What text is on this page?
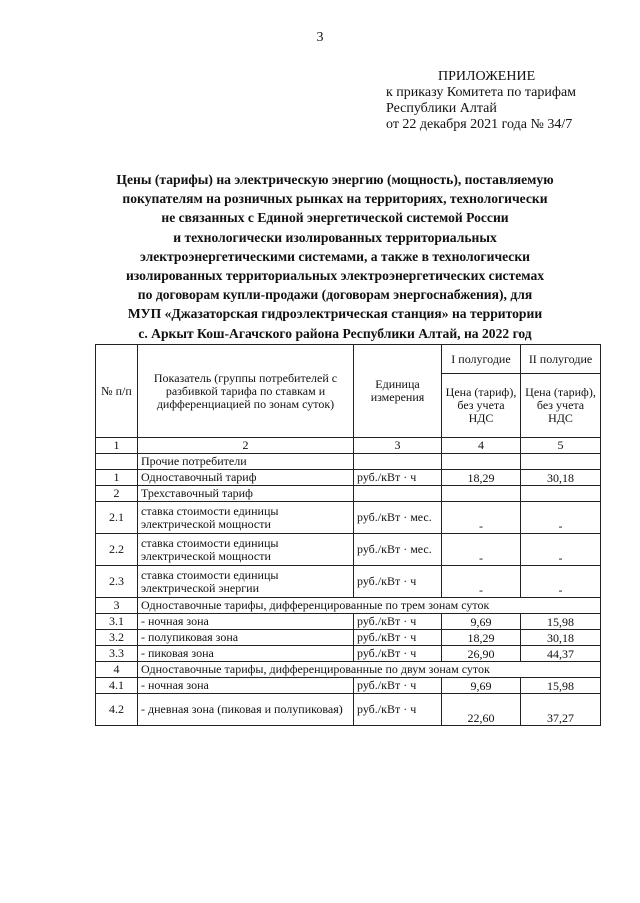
3
ПРИЛОЖЕНИЕ
к приказу Комитета по тарифам
Республики Алтай
от 22 декабря 2021 года № 34/7
Цены (тарифы) на электрическую энергию (мощность), поставляемую
покупателям на розничных рынках на территориях, технологически
не связанных с Единой энергетической системой России
и технологически изолированных территориальных
электроэнергетическими системами, а также в технологически
изолированных территориальных электроэнергетических системах
по договорам купли-продажи (договорам энергоснабжения), для
МУП «Джазаторская гидроэлектрическая станция» на территории
с. Аркыт Кош-Агачского района Республики Алтай, на 2022 год
№ п/п	Показатель (группы потребителей с разбивкой тарифа по ставкам и дифференциацией по зонам суток)	Единица измерения	I полугодие	II полугодие
			Цена (тариф), без учета НДС	Цена (тариф), без учета НДС
1	2	3	4	5
	Прочие потребители			
1	Одноставочный тариф	руб./кВт · ч	18,29	30,18
2	Трехставочный тариф			
2.1	ставка стоимости единицы электрической мощности	руб./кВт · мес.	-	-
2.2	ставка стоимости единицы электрической мощности	руб./кВт · мес.	-	-
2.3	ставка стоимости единицы электрической энергии	руб./кВт · ч	-	-
3	Одноставочные тарифы, дифференцированные по трем зонам суток			
3.1	- ночная зона	руб./кВт · ч	9,69	15,98
3.2	- полупиковая зона	руб./кВт · ч	18,29	30,18
3.3	- пиковая зона	руб./кВт · ч	26,90	44,37
4	Одноставочные тарифы, дифференцированные по двум зонам суток			
4.1	- ночная зона	руб./кВт · ч	9,69	15,98
4.2	- дневная зона (пиковая и полупиковая)	руб./кВт · ч	22,60	37,27
